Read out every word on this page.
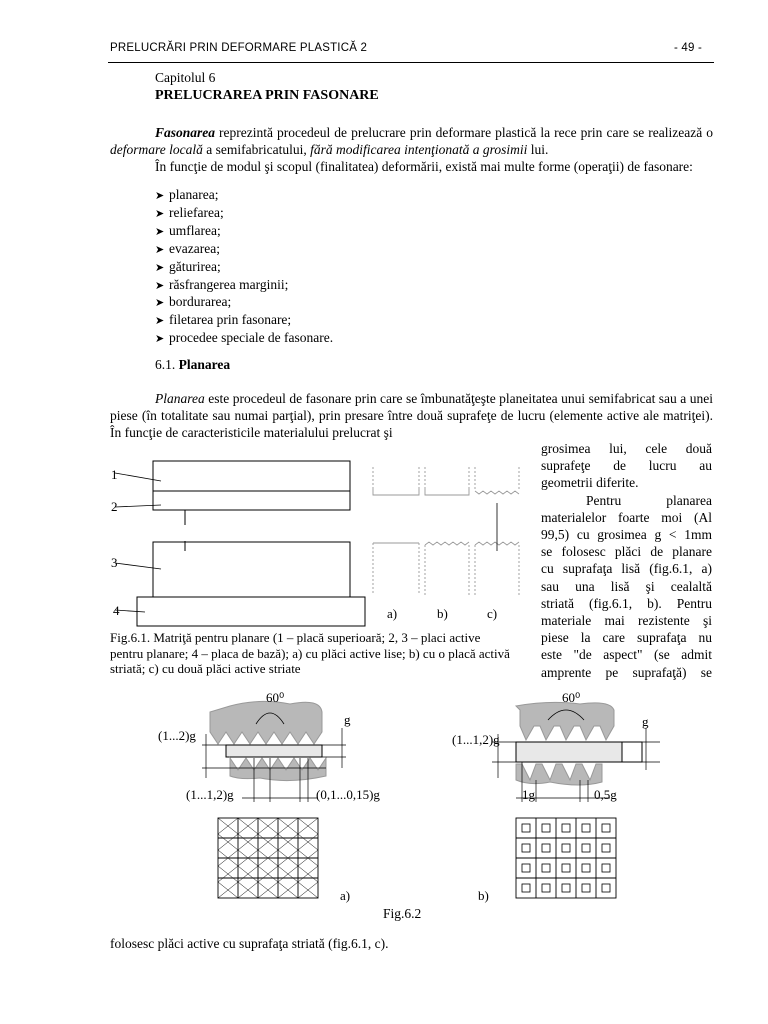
PRELUCRĂRI PRIN DEFORMARE PLASTICĂ 2	- 49 -
Capitolul 6
PRELUCRAREA PRIN FASONARE
Fasonarea reprezintă procedeul de prelucrare prin deformare plastică la rece prin care se realizează o deformare locală a semifabricatului, fără modificarea intenţionată a grosimii lui.
În funcţie de modul şi scopul (finalitatea) deformării, există mai multe forme (operaţii) de fasonare:
➤ planarea;
➤ reliefarea;
➤ umflarea;
➤ evazarea;
➤ găturirea;
➤ răsfrangerea marginii;
➤ bordurarea;
➤ filetarea prin fasonare;
➤ procedee speciale de fasonare.
6.1. Planarea
Planarea este procedeul de fasonare prin care se îmbunatăţeşte planeitatea unui semifabricat sau a unei piese (în totalitate sau numai parţial), prin presare între două suprafeţe de lucru (elemente active ale matriţei). În funcţie de caracteristicile materialului prelucrat şi
grosimea lui, cele două
suprafeţe de lucru au
geometrii diferite.
Pentru planarea
materialelor foarte moi (Al
99,5) cu grosimea g < 1mm
se folosesc plăci de planare
cu suprafaţa lisă (fig.6.1, a)
sau una lisă şi cealaltă
striată (fig.6.1, b). Pentru
materiale mai rezistente şi
piese la care suprafaţa nu
este "de aspect" (se admit
amprente pe suprafaţă) se
1
2
3
4	a)	b)	c)
Fig.6.1. Matriţă pentru planare (1 – placă superioară; 2, 3 – placi active pentru planare; 4 – placa de bază); a) cu plăci active lise; b) cu o placă activă striată; c) cu două plăci active striate
60⁰
g
(1...2)g
(1...1,2)g	(0,1...0,15)g
a)
60⁰
g
(1...1,2)g
1g	0,5g
b)
Fig.6.2
folosesc plăci active cu suprafaţa striată (fig.6.1, c).
